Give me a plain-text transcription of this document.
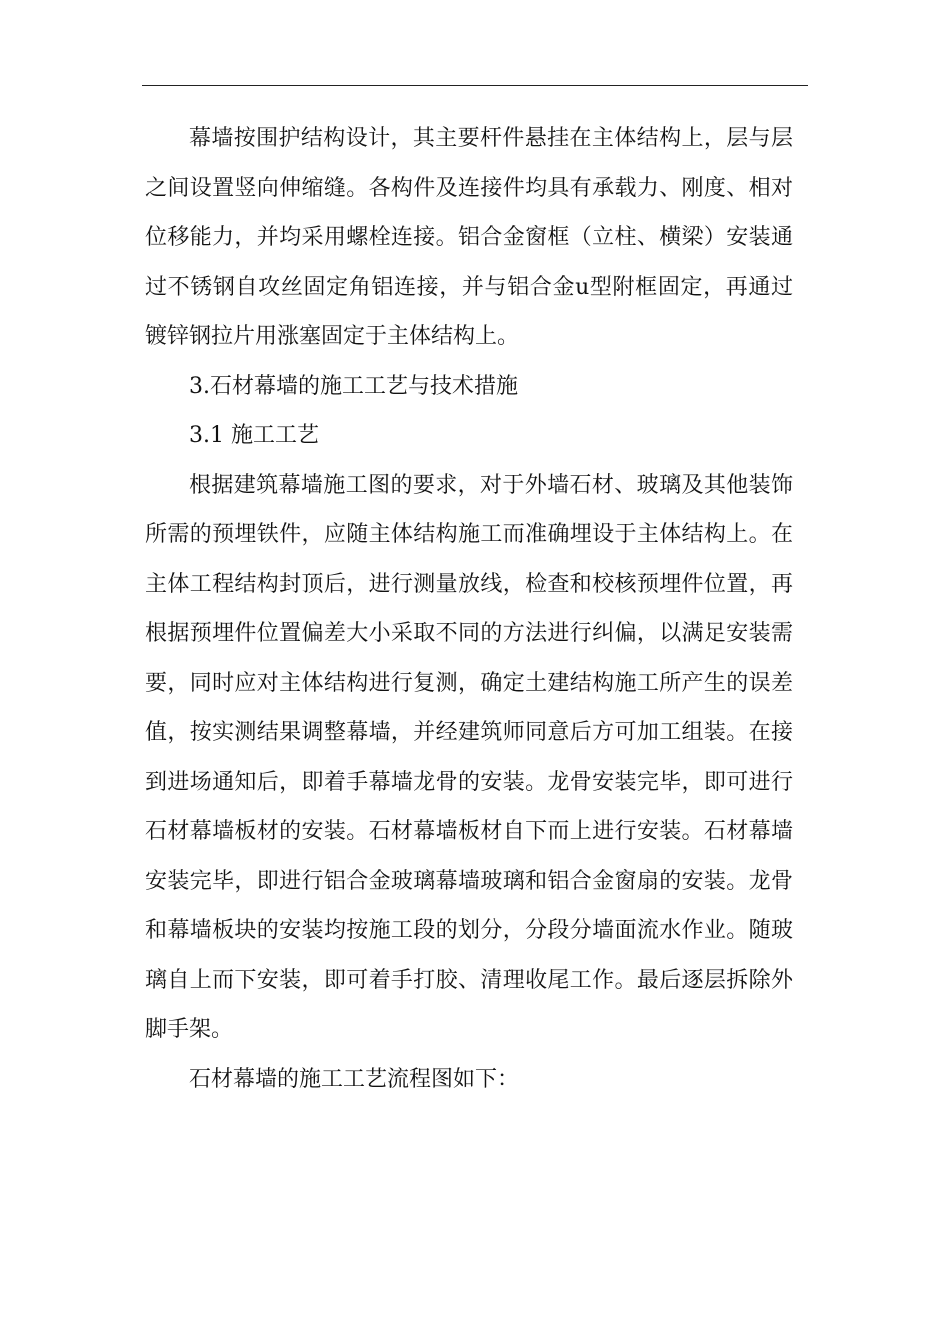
幕墙按围护结构设计，其主要杆件悬挂在主体结构上，层与层之间设置竖向伸缩缝。各构件及连接件均具有承载力、刚度、相对位移能力，并均采用螺栓连接。铝合金窗框（立柱、横梁）安装通过不锈钢自攻丝固定角铝连接，并与铝合金u型附框固定，再通过镀锌钢拉片用涨塞固定于主体结构上。

3.石材幕墙的施工工艺与技术措施

3.1 施工工艺

根据建筑幕墙施工图的要求，对于外墙石材、玻璃及其他装饰所需的预埋铁件，应随主体结构施工而准确埋设于主体结构上。在主体工程结构封顶后，进行测量放线，检查和校核预埋件位置，再根据预埋件位置偏差大小采取不同的方法进行纠偏，以满足安装需要，同时应对主体结构进行复测，确定土建结构施工所产生的误差值，按实测结果调整幕墙，并经建筑师同意后方可加工组装。在接到进场通知后，即着手幕墙龙骨的安装。龙骨安装完毕，即可进行石材幕墙板材的安装。石材幕墙板材自下而上进行安装。石材幕墙安装完毕，即进行铝合金玻璃幕墙玻璃和铝合金窗扇的安装。龙骨和幕墙板块的安装均按施工段的划分，分段分墙面流水作业。随玻璃自上而下安装，即可着手打胶、清理收尾工作。最后逐层拆除外脚手架。

石材幕墙的施工工艺流程图如下：
